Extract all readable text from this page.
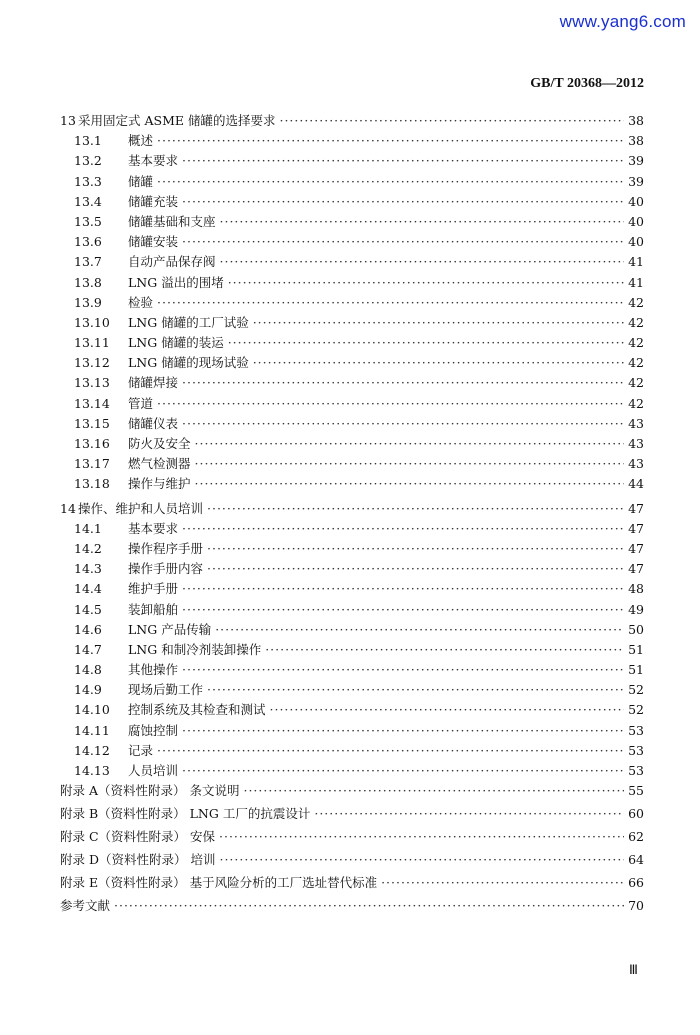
www.yang6.com
GB/T 20368—2012
13 采用固定式 ASME 储罐的选择要求 ·····	38
13.1	概述 ·····	38
13.2	基本要求 ·····	39
13.3	储罐 ·····	39
13.4	储罐充装 ·····	40
13.5	储罐基础和支座 ·····	40
13.6	储罐安装 ·····	40
13.7	自动产品保存阀 ·····	41
13.8	LNG 溢出的围堵 ·····	41
13.9	检验 ·····	42
13.10	LNG 储罐的工厂试验 ·····	42
13.11	LNG 储罐的装运 ·····	42
13.12	LNG 储罐的现场试验 ·····	42
13.13	储罐焊接 ·····	42
13.14	管道 ·····	42
13.15	储罐仪表 ·····	43
13.16	防火及安全 ·····	43
13.17	燃气检测器 ·····	43
13.18	操作与维护 ·····	44
14 操作、维护和人员培训 ·····	47
14.1	基本要求 ·····	47
14.2	操作程序手册 ·····	47
14.3	操作手册内容 ·····	47
14.4	维护手册 ·····	48
14.5	装卸船舶 ·····	49
14.6	LNG 产品传输 ·····	50
14.7	LNG 和制冷剂装卸操作 ·····	51
14.8	其他操作 ·····	51
14.9	现场后勤工作 ·····	52
14.10	控制系统及其检查和测试 ·····	52
14.11	腐蚀控制 ·····	53
14.12	记录 ·····	53
14.13	人员培训 ·····	53
附录 A（资料性附录） 条文说明 ·····	55
附录 B（资料性附录） LNG 工厂的抗震设计 ·····	60
附录 C（资料性附录） 安保 ·····	62
附录 D（资料性附录） 培训 ·····	64
附录 E（资料性附录） 基于风险分析的工厂选址替代标准 ·····	66
参考文献 ·····	70
Ⅲ
